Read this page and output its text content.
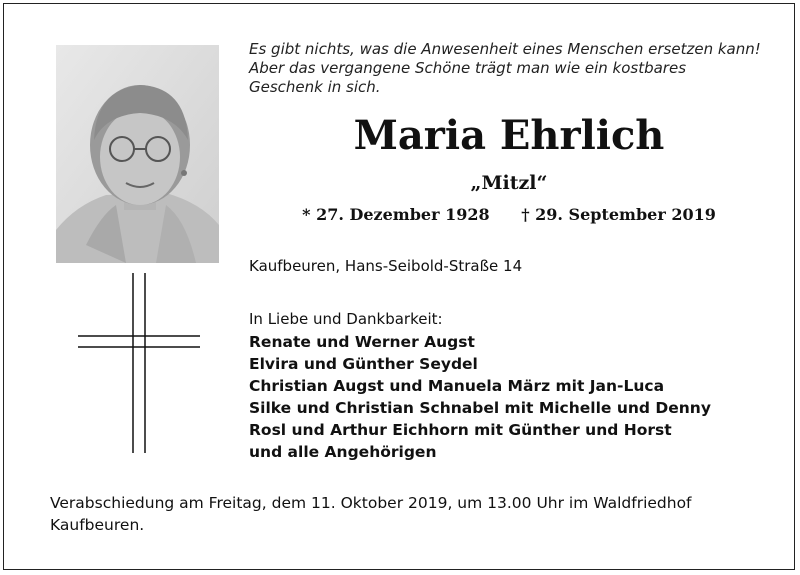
Es gibt nichts, was die Anwesenheit eines Menschen ersetzen kann!
Aber das vergangene Schöne trägt man wie ein kostbares
Geschenk in sich.
Maria Ehrlich
„Mitzl“
* 27. Dezember 1928 † 29. September 2019
Kaufbeuren, Hans-Seibold-Straße 14
In Liebe und Dankbarkeit:
Renate und Werner Augst
Elvira und Günther Seydel
Christian Augst und Manuela März mit Jan-Luca
Silke und Christian Schnabel mit Michelle und Denny
Rosl und Arthur Eichhorn mit Günther und Horst
und alle Angehörigen
Verabschiedung am Freitag, dem 11. Oktober 2019, um 13.00 Uhr im Waldfriedhof Kaufbeuren.
